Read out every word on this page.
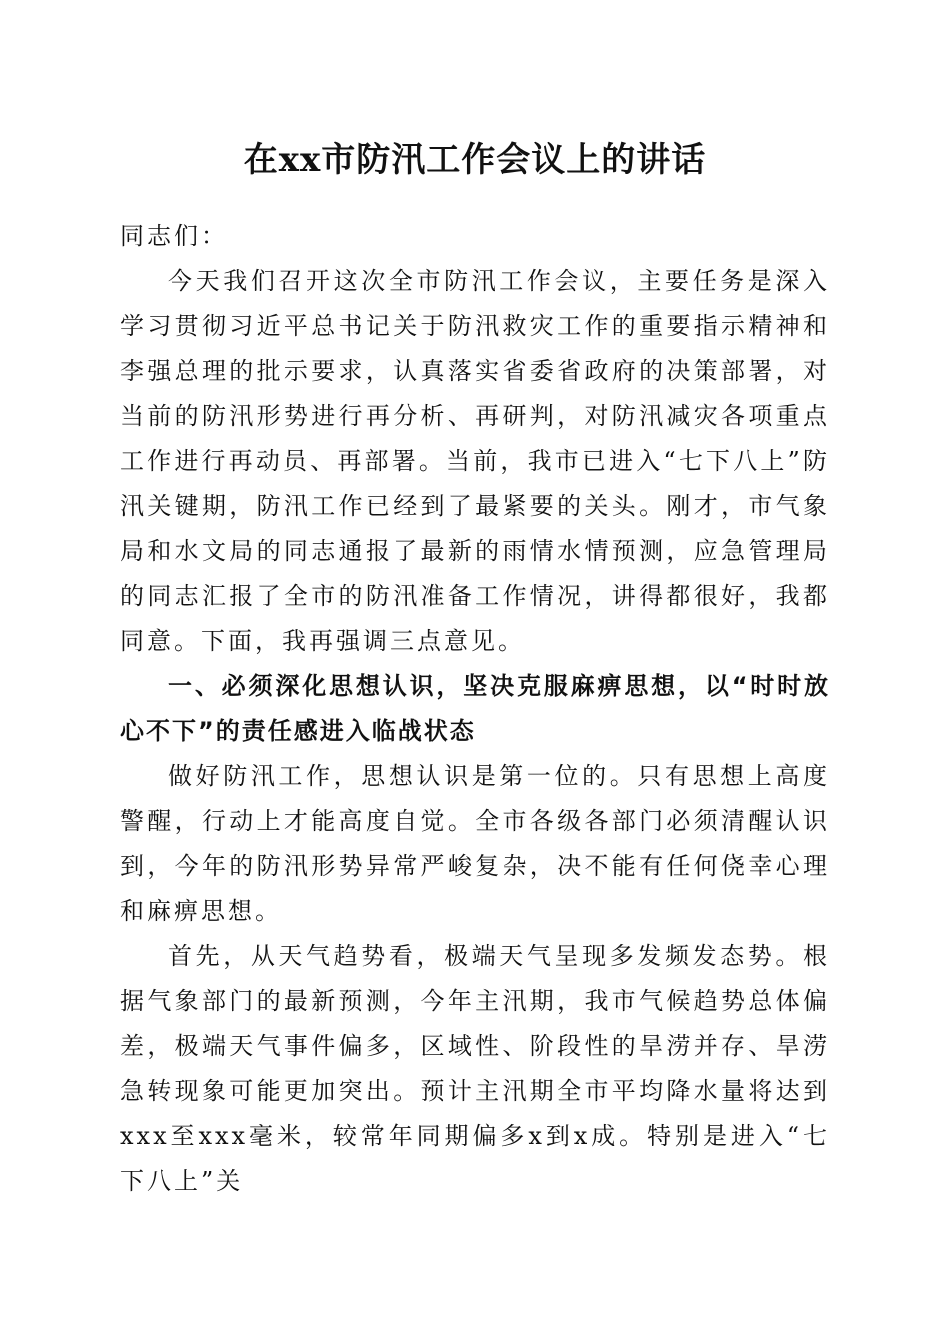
在xx市防汛工作会议上的讲话

同志们：

今天我们召开这次全市防汛工作会议，主要任务是深入学习贯彻习近平总书记关于防汛救灾工作的重要指示精神和李强总理的批示要求，认真落实省委省政府的决策部署，对当前的防汛形势进行再分析、再研判，对防汛减灾各项重点工作进行再动员、再部署。当前，我市已进入“七下八上”防汛关键期，防汛工作已经到了最紧要的关头。刚才，市气象局和水文局的同志通报了最新的雨情水情预测，应急管理局的同志汇报了全市的防汛准备工作情况，讲得都很好，我都同意。下面，我再强调三点意见。

一、必须深化思想认识，坚决克服麻痹思想，以“时时放心不下”的责任感进入临战状态

做好防汛工作，思想认识是第一位的。只有思想上高度警醒，行动上才能高度自觉。全市各级各部门必须清醒认识到，今年的防汛形势异常严峻复杂，决不能有任何侥幸心理和麻痹思想。

首先，从天气趋势看，极端天气呈现多发频发态势。根据气象部门的最新预测，今年主汛期，我市气候趋势总体偏差，极端天气事件偏多，区域性、阶段性的旱涝并存、旱涝急转现象可能更加突出。预计主汛期全市平均降水量将达到xxx至xxx毫米，较常年同期偏多x到x成。特别是进入“七下八上”关
